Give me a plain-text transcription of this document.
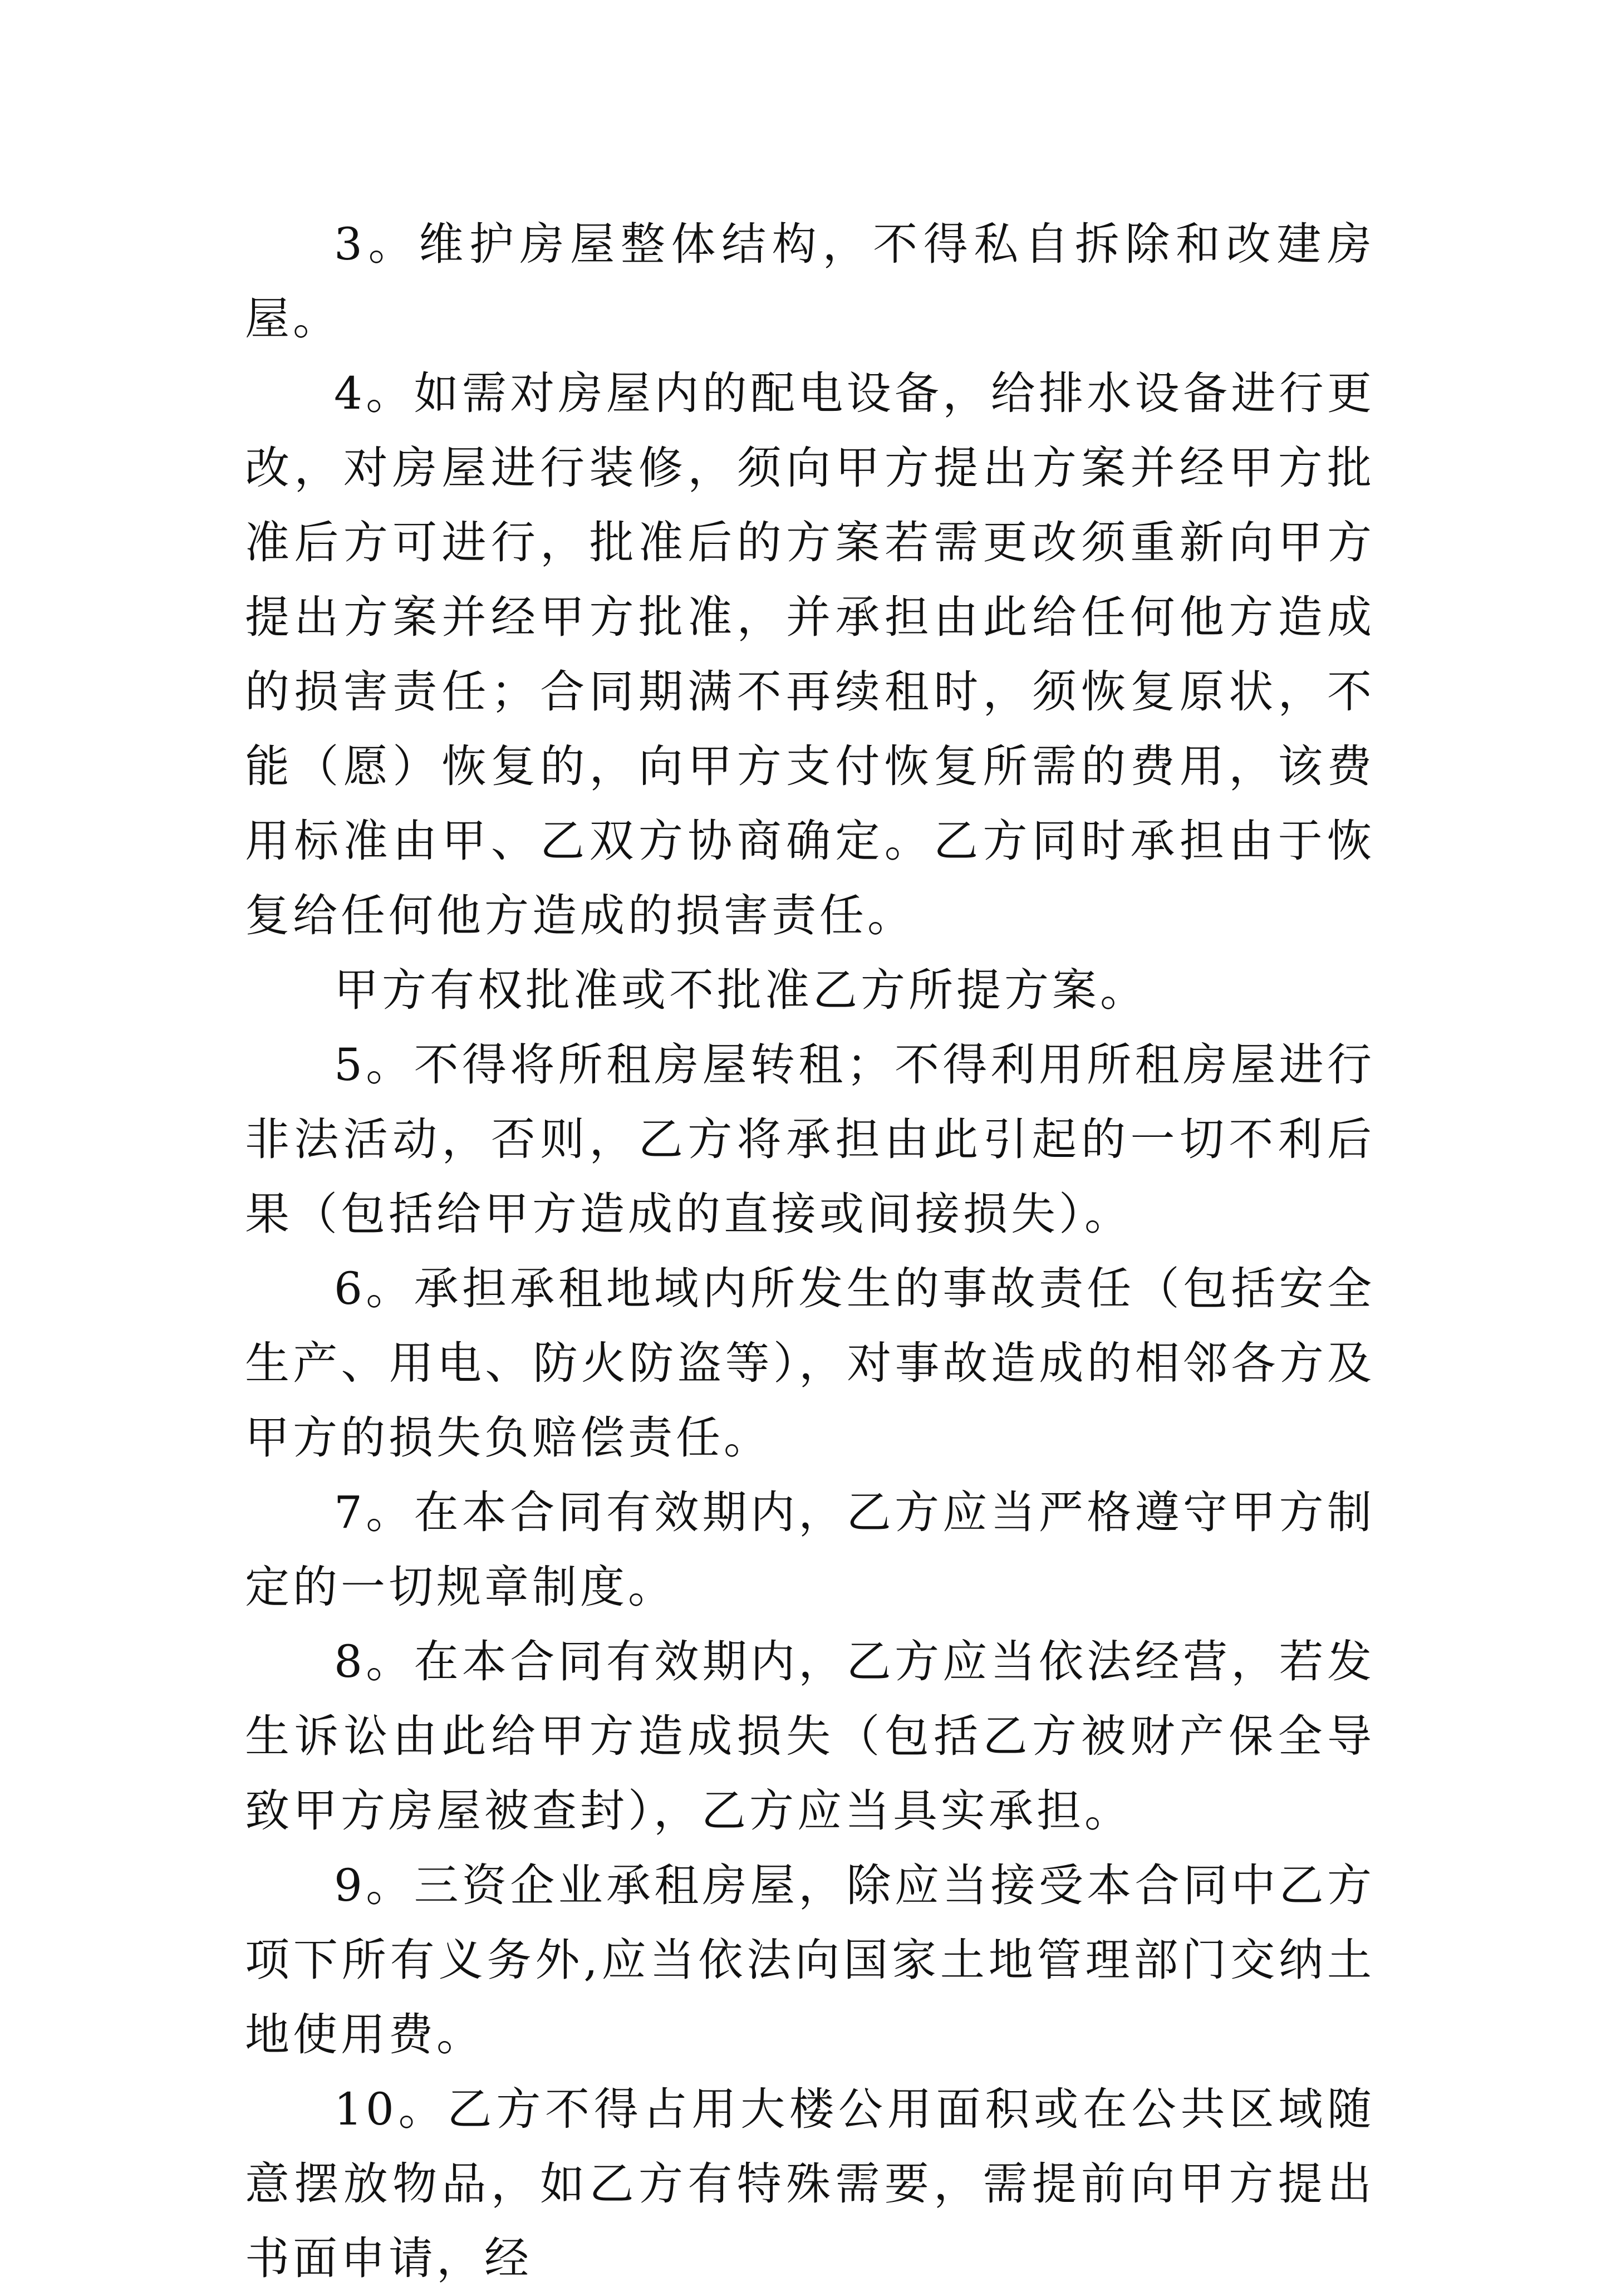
3。维护房屋整体结构，不得私自拆除和改建房屋。

4。如需对房屋内的配电设备，给排水设备进行更改，对房屋进行装修，须向甲方提出方案并经甲方批准后方可进行，批准后的方案若需更改须重新向甲方提出方案并经甲方批准，并承担由此给任何他方造成的损害责任；合同期满不再续租时，须恢复原状，不能（愿）恢复的，向甲方支付恢复所需的费用，该费用标准由甲、乙双方协商确定。乙方同时承担由于恢复给任何他方造成的损害责任。

甲方有权批准或不批准乙方所提方案。

5。不得将所租房屋转租；不得利用所租房屋进行非法活动，否则，乙方将承担由此引起的一切不利后果（包括给甲方造成的直接或间接损失）。

6。承担承租地域内所发生的事故责任（包括安全生产、用电、防火防盗等），对事故造成的相邻各方及甲方的损失负赔偿责任。

7。在本合同有效期内，乙方应当严格遵守甲方制定的一切规章制度。

8。在本合同有效期内，乙方应当依法经营，若发生诉讼由此给甲方造成损失（包括乙方被财产保全导致甲方房屋被查封），乙方应当具实承担。

9。三资企业承租房屋，除应当接受本合同中乙方项下所有义务外,应当依法向国家土地管理部门交纳土地使用费。

10。乙方不得占用大楼公用面积或在公共区域随意摆放物品，如乙方有特殊需要，需提前向甲方提出书面申请，经
